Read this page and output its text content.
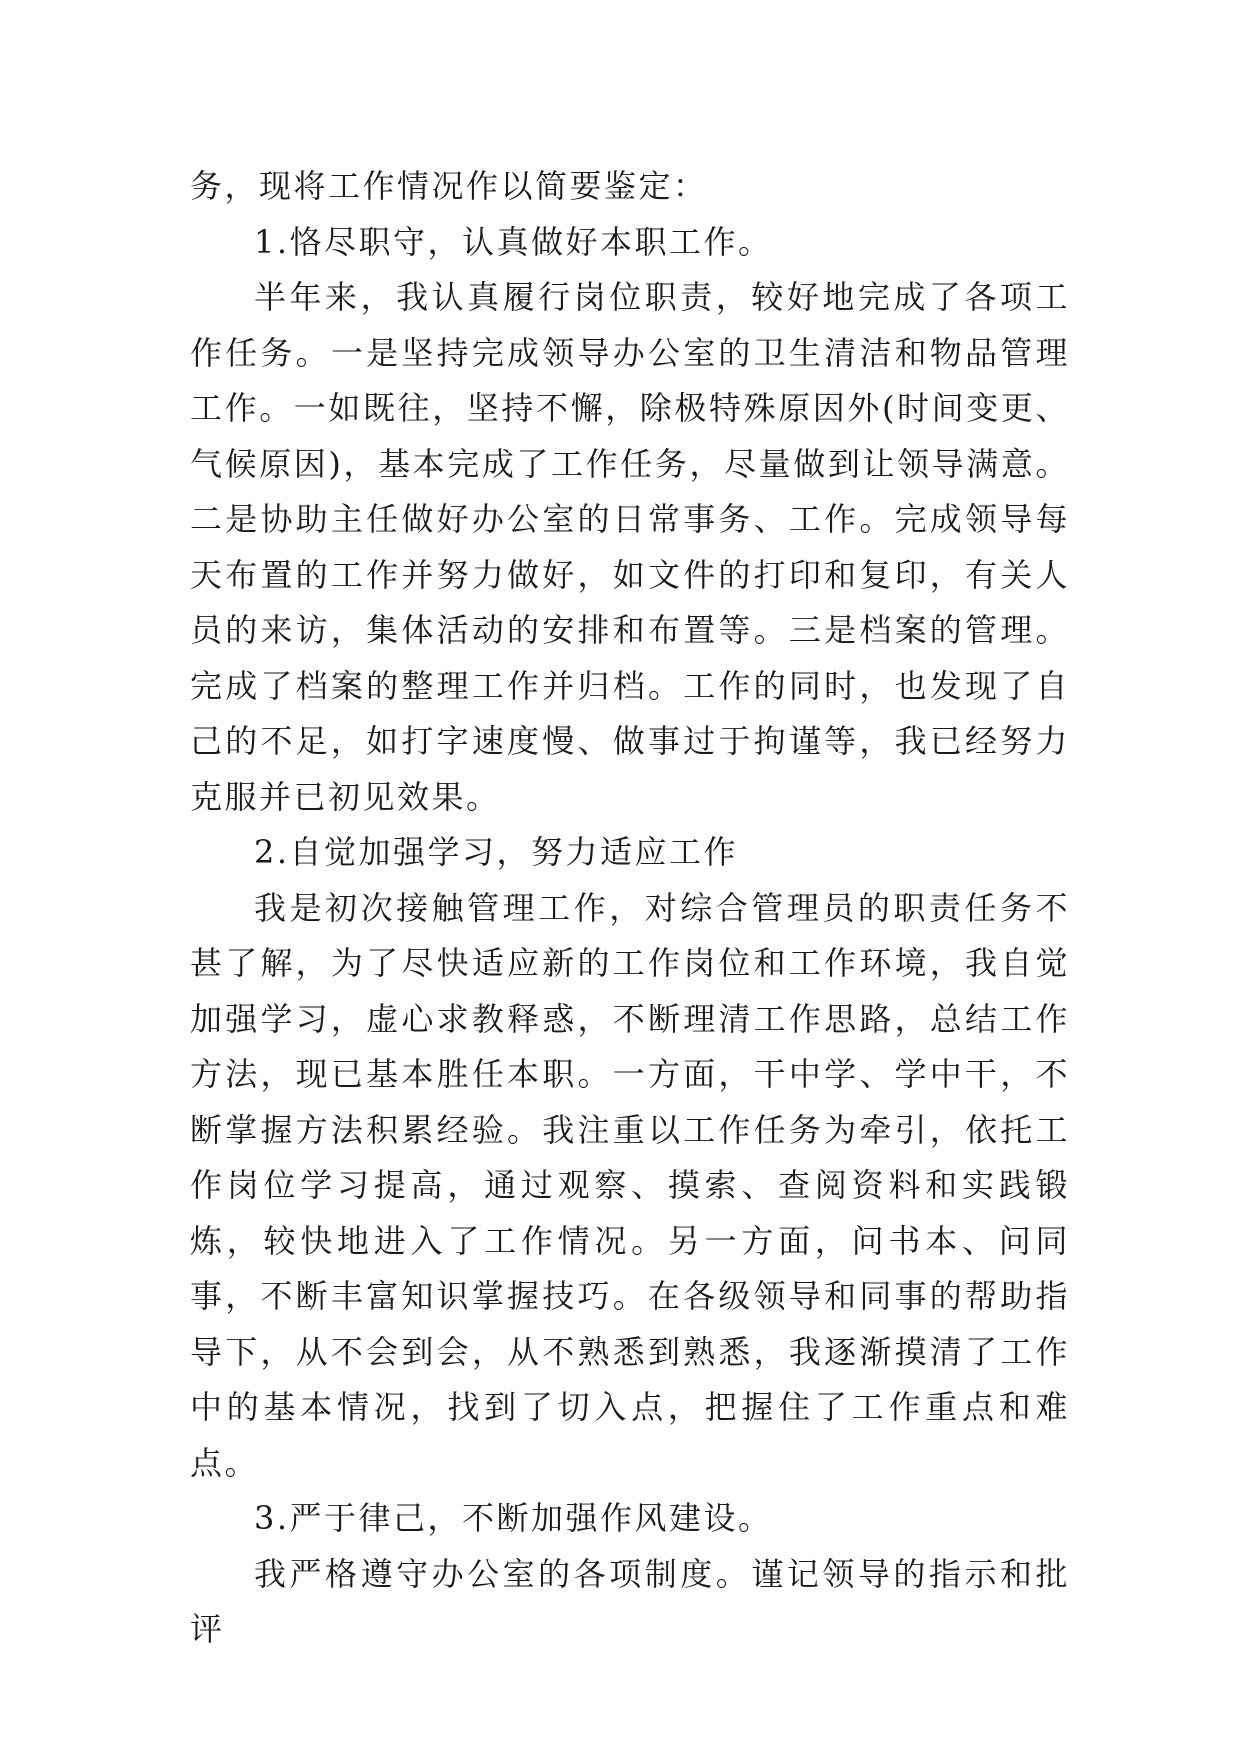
务，现将工作情况作以简要鉴定：

1.恪尽职守，认真做好本职工作。

半年来，我认真履行岗位职责，较好地完成了各项工作任务。一是坚持完成领导办公室的卫生清洁和物品管理工作。一如既往，坚持不懈，除极特殊原因外(时间变更、气候原因)，基本完成了工作任务，尽量做到让领导满意。二是协助主任做好办公室的日常事务、工作。完成领导每天布置的工作并努力做好，如文件的打印和复印，有关人员的来访，集体活动的安排和布置等。三是档案的管理。完成了档案的整理工作并归档。工作的同时，也发现了自己的不足，如打字速度慢、做事过于拘谨等，我已经努力克服并已初见效果。

2.自觉加强学习，努力适应工作

我是初次接触管理工作，对综合管理员的职责任务不甚了解，为了尽快适应新的工作岗位和工作环境，我自觉加强学习，虚心求教释惑，不断理清工作思路，总结工作方法，现已基本胜任本职。一方面，干中学、学中干，不断掌握方法积累经验。我注重以工作任务为牵引，依托工作岗位学习提高，通过观察、摸索、查阅资料和实践锻炼，较快地进入了工作情况。另一方面，问书本、问同事，不断丰富知识掌握技巧。在各级领导和同事的帮助指导下，从不会到会，从不熟悉到熟悉，我逐渐摸清了工作中的基本情况，找到了切入点，把握住了工作重点和难点。

3.严于律己，不断加强作风建设。

我严格遵守办公室的各项制度。谨记领导的指示和批评
